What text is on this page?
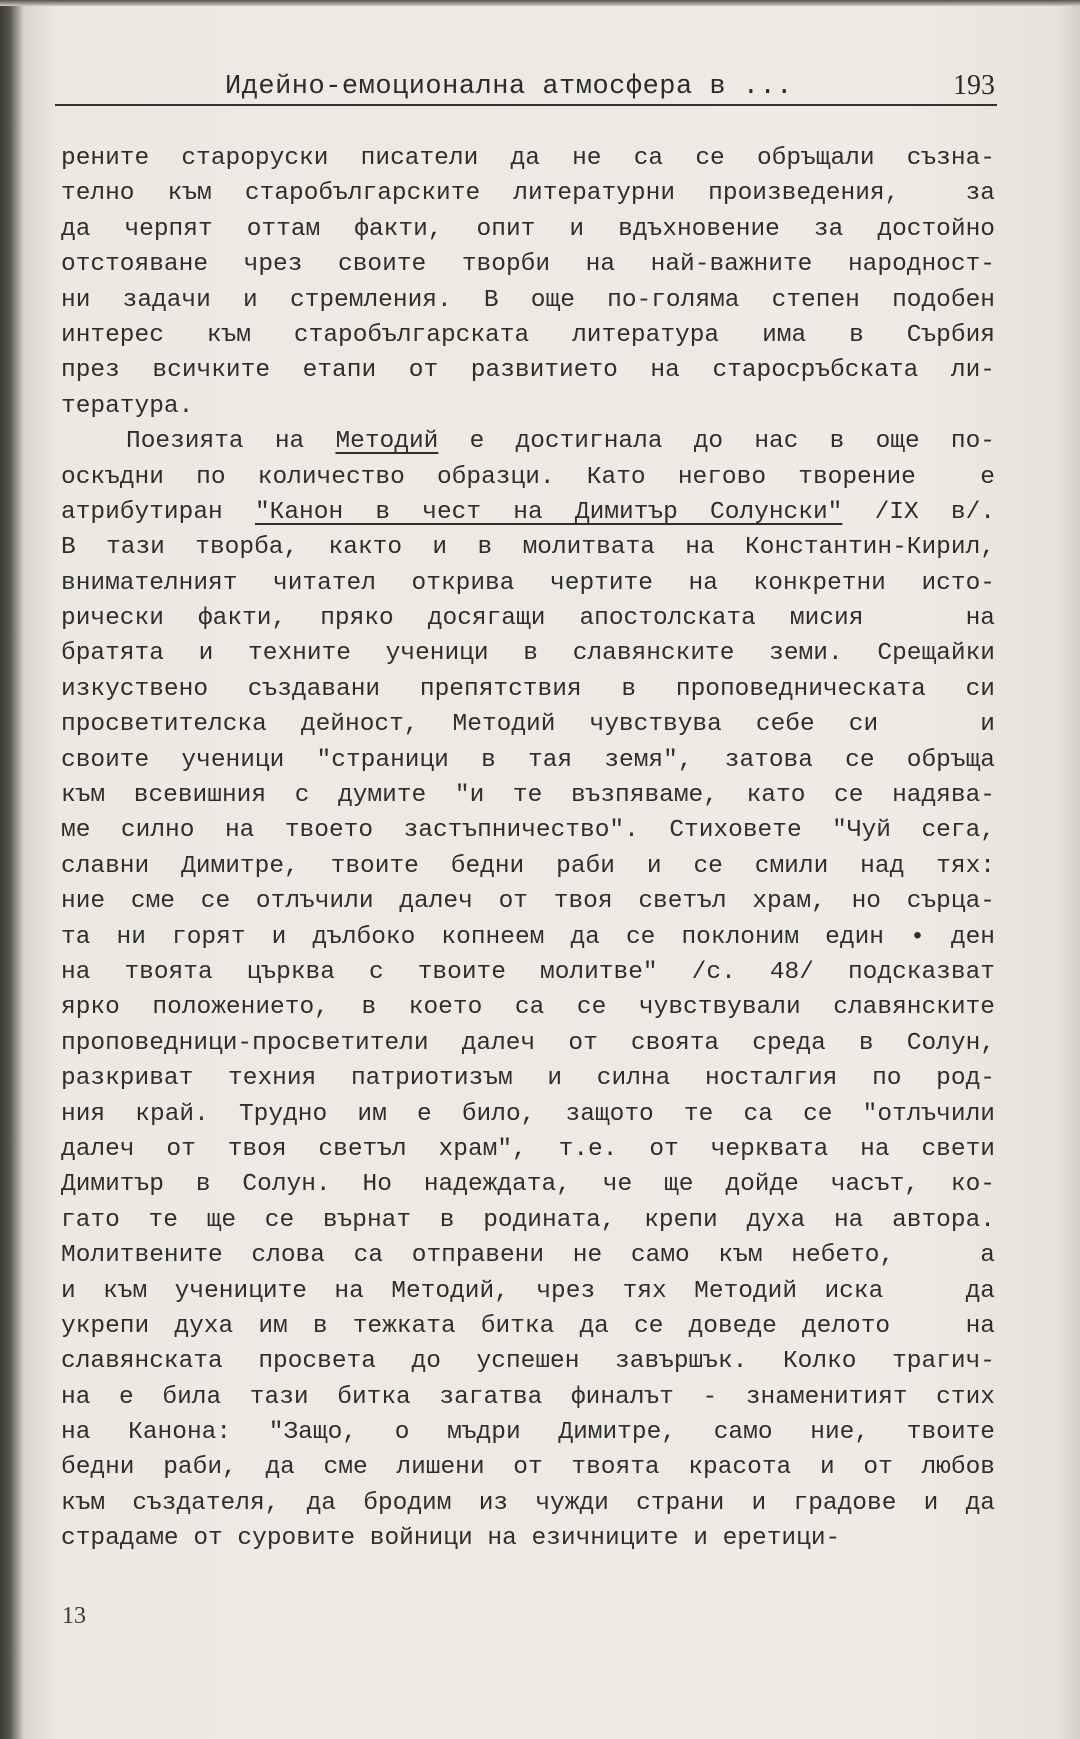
Идейно-емоционална атмосфера в ...	193
рените староруски писатели да не са се обръщали съзна-
телно към старобългарските литературни произведения,  за
да черпят оттам факти, опит и вдъхновение за достойно
отстояване чрез своите творби на най-важните народност-
ни задачи и стремления. В още по-голяма степен подобен
интерес към старобългарската литература има в Сърбия
през всичките етапи от развитието на старосръбската ли-
тература.
Поезията на Методий е достигнала до нас в още по-
оскъдни по количество образци. Като негово творение  е
атрибутиран "Канон в чест на Димитър Солунски" /IX в/.
В тази творба, както и в молитвата на Константин-Кирил,
внимателният читател открива чертите на конкретни исто-
рически факти, пряко досягащи апостолската мисия   на
братята и техните ученици в славянските земи. Срещайки
изкуствено създавани препятствия в проповедническата си
просветителска дейност, Методий чувствува себе си   и
своите ученици "страници в тая земя", затова се обръща
към всевишния с думите "и те възпяваме, като се надява-
ме силно на твоето застъпничество". Стиховете "Чуй сега,
славни Димитре, твоите бедни раби и се смили над тях:
ние сме се отлъчили далеч от твоя светъл храм, но сърца-
та ни горят и дълбоко копнеем да се поклоним един • ден
на твоята църква с твоите молитве" /с. 48/ подсказват
ярко положението, в което са се чувствували славянските
проповедници-просветители далеч от своята среда в Солун,
разкриват техния патриотизъм и силна носталгия по род-
ния край. Трудно им е било, защото те са се "отлъчили
далеч от твоя светъл храм", т.е. от черквата на свети
Димитър в Солун. Но надеждата, че ще дойде часът, ко-
гато те ще се върнат в родината, крепи духа на автора.
Молитвените слова са отправени не само към небето,   а
и към учениците на Методий, чрез тях Методий иска   да
укрепи духа им в тежката битка да се доведе делото   на
славянската просвета до успешен завършък. Колко трагич-
на е била тази битка загатва финалът - знаменитият стих
на Канона: "Защо, о мъдри Димитре, само ние, твоите
бедни раби, да сме лишени от твоята красота и от любов
към създателя, да бродим из чужди страни и градове и да
страдаме от суровите войници на езичниците и еретици-
13
